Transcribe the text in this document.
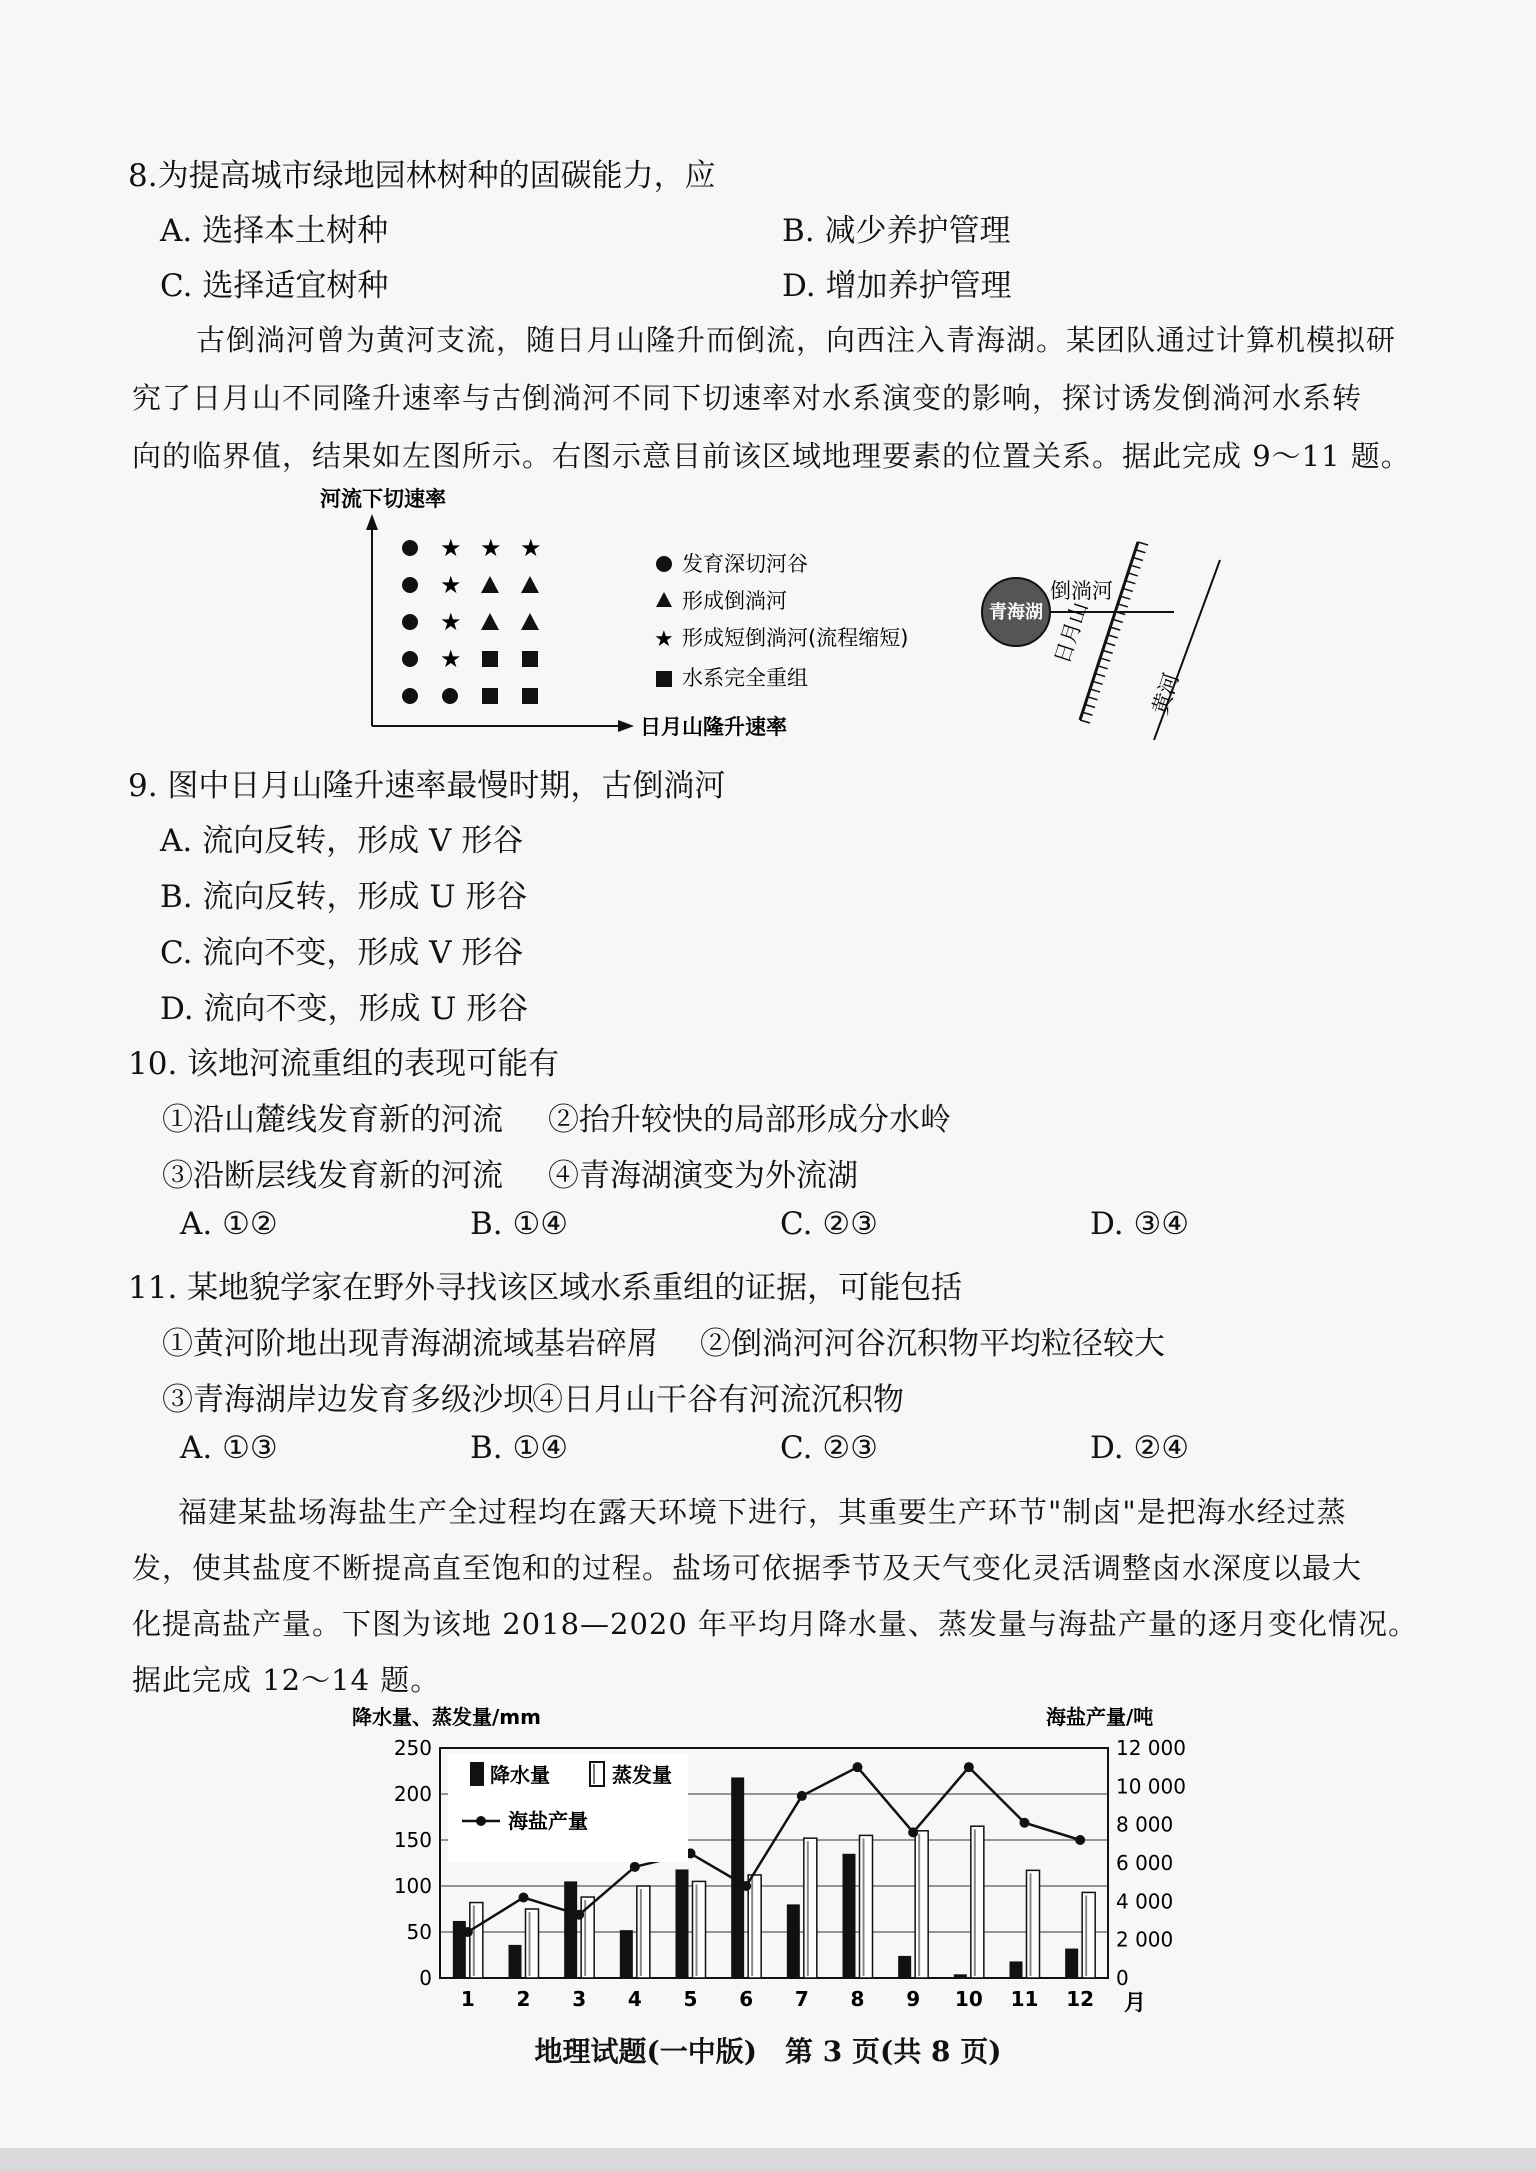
8.为提高城市绿地园林树种的固碳能力，应
A. 选择本土树种	B. 减少养护管理
C. 选择适宜树种	D. 增加养护管理
古倒淌河曾为黄河支流，随日月山隆升而倒流，向西注入青海湖。某团队通过计算机模拟研
究了日月山不同隆升速率与古倒淌河不同下切速率对水系演变的影响，探讨诱发倒淌河水系转
向的临界值，结果如左图所示。右图示意目前该区域地理要素的位置关系。据此完成 9～11 题。
河流下切速率
日月山隆升速率
★ ★ ★
★
★
★
发育深切河谷
形成倒淌河
★ 形成短倒淌河(流程缩短)
水系完全重组
青海湖
倒淌河
日月山
黄河
9. 图中日月山隆升速率最慢时期，古倒淌河
A. 流向反转，形成 V 形谷
B. 流向反转，形成 U 形谷
C. 流向不变，形成 V 形谷
D. 流向不变，形成 U 形谷
10. 该地河流重组的表现可能有
①沿山麓线发育新的河流 ②抬升较快的局部形成分水岭
③沿断层线发育新的河流 ④青海湖演变为外流湖
A. ①②	B. ①④	C. ②③	D. ③④
11. 某地貌学家在野外寻找该区域水系重组的证据，可能包括
①黄河阶地出现青海湖流域基岩碎屑 ②倒淌河河谷沉积物平均粒径较大
③青海湖岸边发育多级沙坝
④日月山干谷有河流沉积物
A. ①③	B. ①④	C. ②③	D. ②④
福建某盐场海盐生产全过程均在露天环境下进行，其重要生产环节"制卤"是把海水经过蒸
发，使其盐度不断提高直至饱和的过程。盐场可依据季节及天气变化灵活调整卤水深度以最大
化提高盐产量。下图为该地 2018—2020 年平均月降水量、蒸发量与海盐产量的逐月变化情况。
据此完成 12～14 题。
降水量、蒸发量/mm	海盐产量/吨
0
50
100
150
200
250
0
2 000
4 000
6 000
8 000
10 000
12 000
1 2 3 4 5 6 7 8 9 10 11 12 月
降水量	蒸发量
海盐产量
地理试题(一中版)　第 3 页(共 8 页)
